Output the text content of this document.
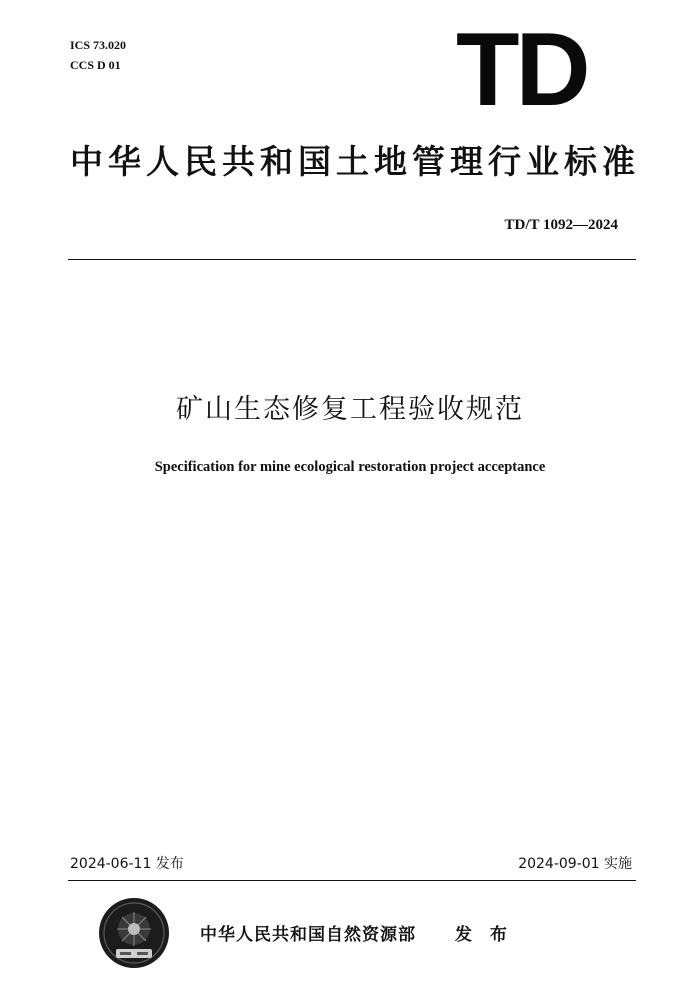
ICS 73.020
CCS D 01	TD
中华人民共和国土地管理行业标准
TD/T 1092—2024
矿山生态修复工程验收规范
Specification for mine ecological restoration project acceptance
2024-06-11 发布	2024-09-01 实施
中华人民共和国自然资源部 发 布
